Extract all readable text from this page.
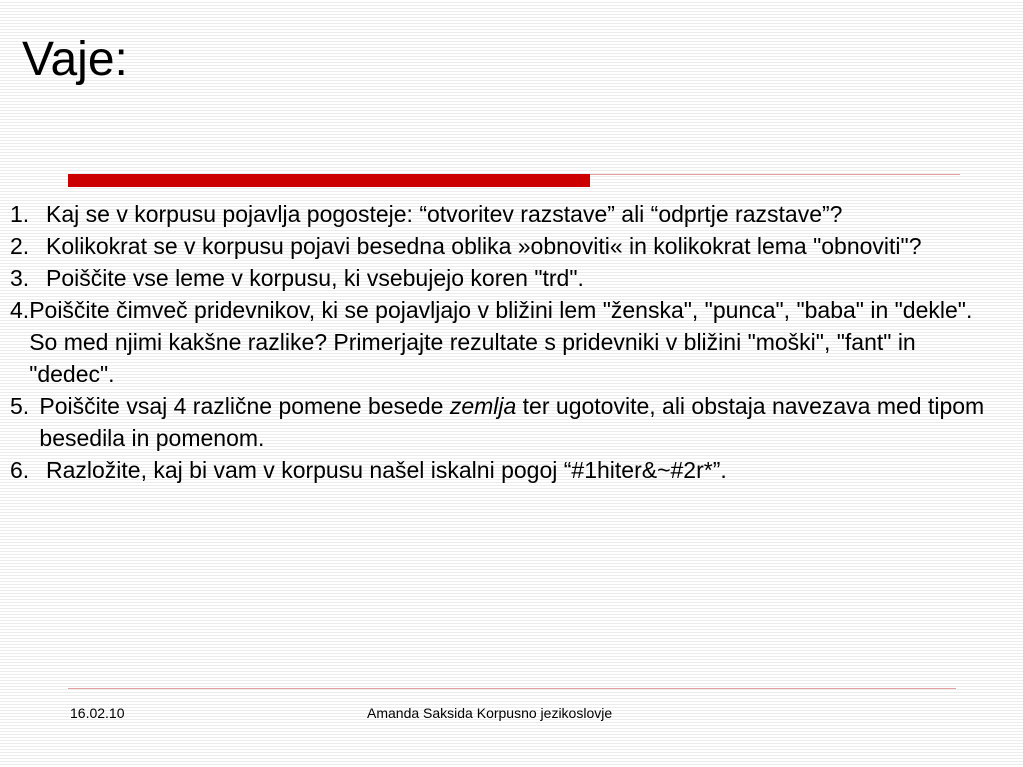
Vaje:
1. Kaj se v korpusu pojavlja pogosteje: “otvoritev razstave” ali “odprtje razstave”?

2. Kolikokrat se v korpusu pojavi besedna oblika »obnoviti« in kolikokrat lema "obnoviti"?

3. Poiščite vse leme v korpusu, ki vsebujejo koren "trd".

4. Poiščite čimveč pridevnikov, ki se pojavljajo v bližini lem "ženska", "punca", "baba" in "dekle". So med njimi kakšne razlike? Primerjajte rezultate s pridevniki v bližini "moški", "fant" in "dedec".

5. Poiščite vsaj 4 različne pomene besede zemlja ter ugotovite, ali obstaja navezava med tipom besedila in pomenom.

6. Razložite, kaj bi vam v korpusu našel iskalni pogoj “#1hiter&~#2r*”.

16.02.10	Amanda Saksida Korpusno jezikoslovje
